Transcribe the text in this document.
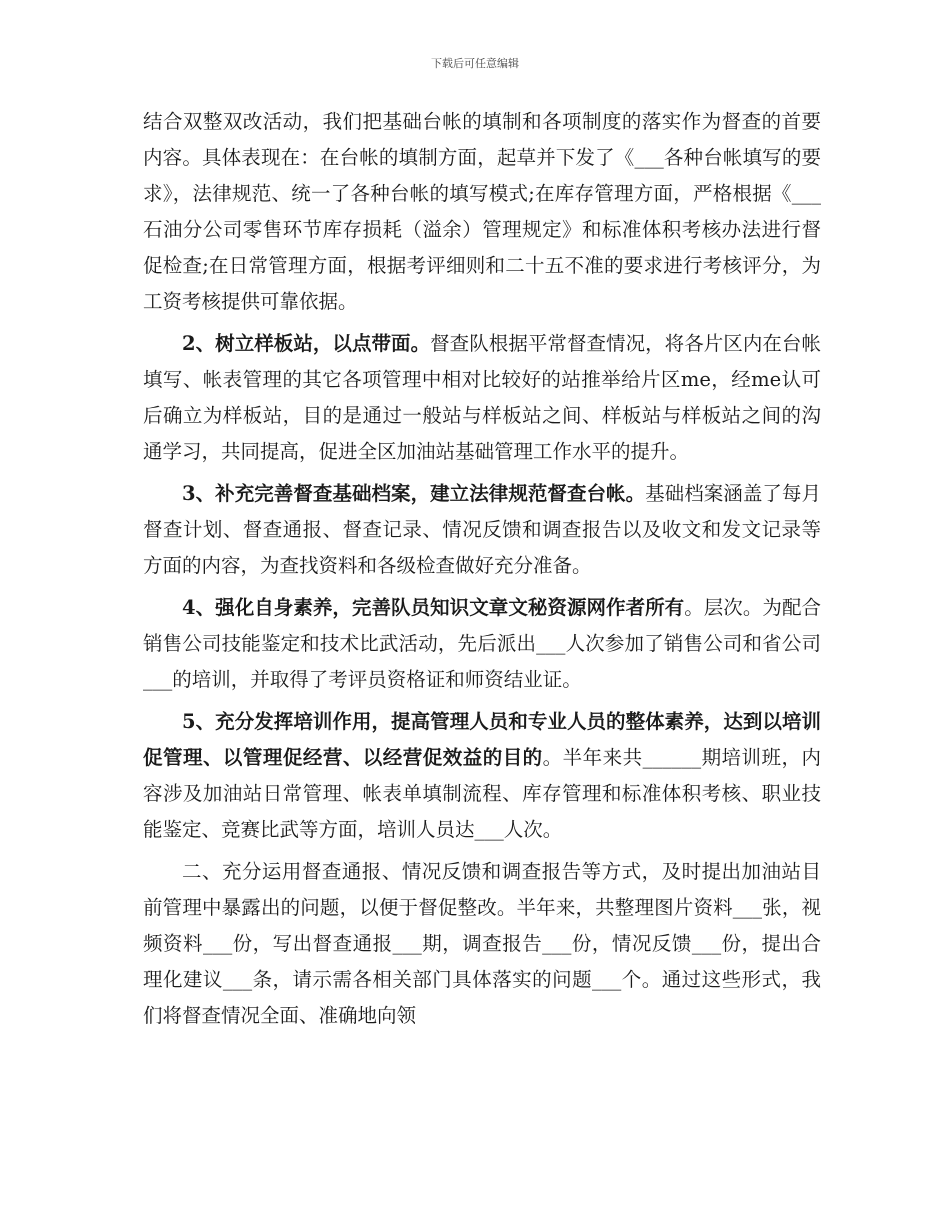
下载后可任意编辑

结合双整双改活动，我们把基础台帐的填制和各项制度的落实作为督查的首要内容。具体表现在：在台帐的填制方面，起草并下发了《___各种台帐填写的要求》，法律规范、统一了各种台帐的填写模式;在库存管理方面，严格根据《___石油分公司零售环节库存损耗（溢余）管理规定》和标准体积考核办法进行督促检查;在日常管理方面，根据考评细则和二十五不准的要求进行考核评分，为工资考核提供可靠依据。

2、树立样板站，以点带面。督查队根据平常督查情况，将各片区内在台帐填写、帐表管理的其它各项管理中相对比较好的站推举给片区me，经me认可后确立为样板站，目的是通过一般站与样板站之间、样板站与样板站之间的沟通学习，共同提高，促进全区加油站基础管理工作水平的提升。

3、补充完善督查基础档案，建立法律规范督查台帐。基础档案涵盖了每月督查计划、督查通报、督查记录、情况反馈和调查报告以及收文和发文记录等方面的内容，为查找资料和各级检查做好充分准备。

4、强化自身素养，完善队员知识文章文秘资源网作者所有。层次。为配合销售公司技能鉴定和技术比武活动，先后派出___人次参加了销售公司和省公司___的培训，并取得了考评员资格证和师资结业证。

5、充分发挥培训作用，提高管理人员和专业人员的整体素养，达到以培训促管理、以管理促经营、以经营促效益的目的。半年来共______期培训班，内容涉及加油站日常管理、帐表单填制流程、库存管理和标准体积考核、职业技能鉴定、竞赛比武等方面，培训人员达___人次。

二、充分运用督查通报、情况反馈和调查报告等方式，及时提出加油站目前管理中暴露出的问题，以便于督促整改。半年来，共整理图片资料___张，视频资料___份，写出督查通报___期，调查报告___份，情况反馈___份，提出合理化建议___条，请示需各相关部门具体落实的问题___个。通过这些形式，我们将督查情况全面、准确地向领
